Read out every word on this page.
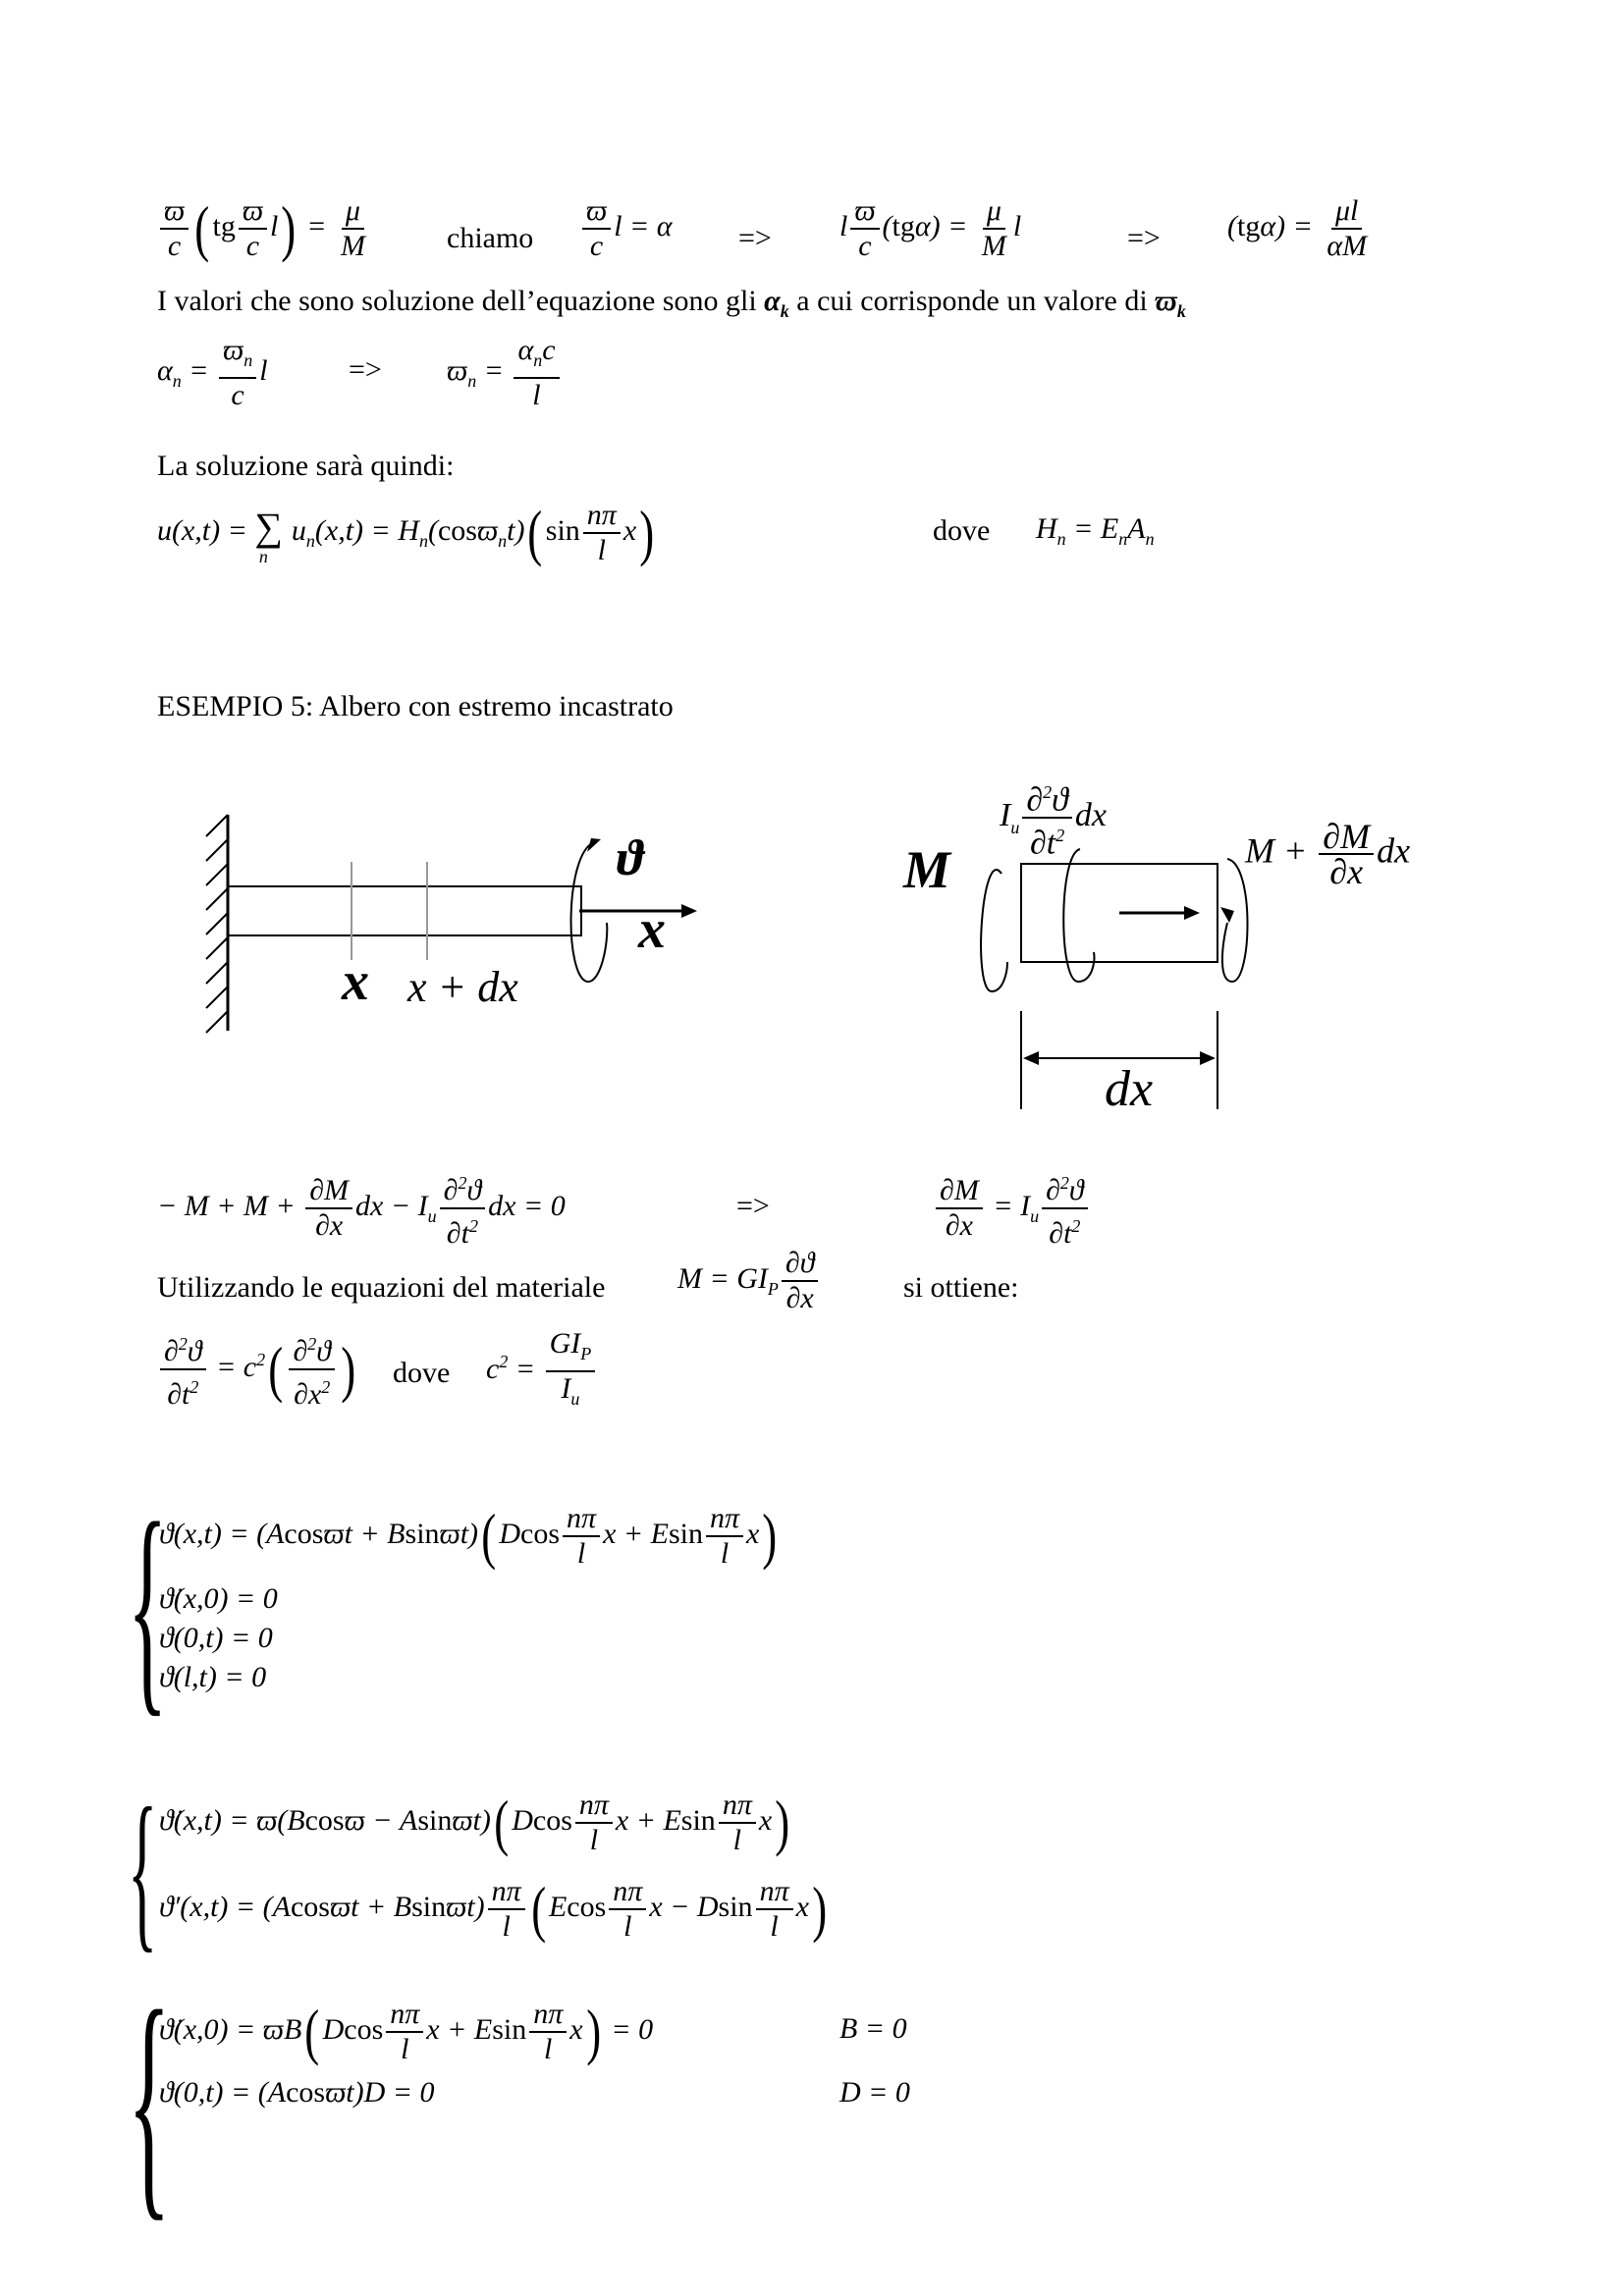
$\frac{ϖ}{c}$ ( tg $\frac{ϖ}{c} l) = \frac{\mu}{M}$	chiamo $\frac{ϖ}{c}$ l = α => l $\frac{ϖ}{c} (tg\alpha) = \frac{\mu}{M}$ l	=> $(tg\alpha) = \frac{\mu l}{\alpha M}$
I valori che sono soluzione dell’equazione sono gli $\alpha_k$ a cui corrisponde un valore di $ϖ_k$
$\alpha_n = \frac{ϖ_n}{c}$ l	=> $ϖ_n = \frac{\alpha_nc}{l}$
La soluzione sarà quindi:
$u(x,t) = \sum_nu_n(x,t) = H_n(\cos ϖ_nt)$( $\sin \frac{n\pi}{l} x$)	dove $H_n = E_nA_n$
ESEMPIO 5: Albero con estremo incastrato
ϑ
x
x x + dx
M
$I_u \frac{\partial^2ϑ}{\partial t^2}$ dx
$M + \frac{\partial M}{\partial x}$ dx
dx
− $M + M + \frac{\partial M}{\partial x}$ dx − $I_u \frac{\partial^2ϑ}{\partial t^2}$ dx = 0	=>	$\frac{\partial M}{\partial x} = I_u \frac{\partial^2ϑ}{\partial t^2}$
Utilizzando le equazioni del materiale $M = GI_P \frac{\partial ϑ}{\partial x}$	si ottiene:
$\frac{\partial^2ϑ}{\partial t^2} = c^2( \frac{\partial^2ϑ}{\partial x^2}$ ) dove $c^2 = \frac{GI_P}{I_u}$
{
ϑ(x,t) = (Acosϖt + Bsinϖt)( Dcos $\frac{n\pi}{l}$ x + Esin $\frac{n\pi}{l} x$)
ϑ̇(x,0) = 0
ϑ(0,t) = 0
ϑ(l,t) = 0
{ ϑ̇(x,t) = ϖ(Bcosϖ − Asinϖt)( Dcos $\frac{n\pi}{l}$ x + Esin $\frac{n\pi}{l} x$)
$ϑ'(x,t) = (Acosϖt + Bsinϖt) \frac{n\pi}{l}$ ( Ecos $\frac{n\pi}{l}$ x − Dsin $\frac{n\pi}{l} x$)
{
ϑ̇(x,0) = ϖB( Dcos $\frac{n\pi}{l}$ x + Esin $\frac{n\pi}{l} x) = 0$	B = 0
ϑ(0,t) = (Acosϖt)D = 0	D = 0
